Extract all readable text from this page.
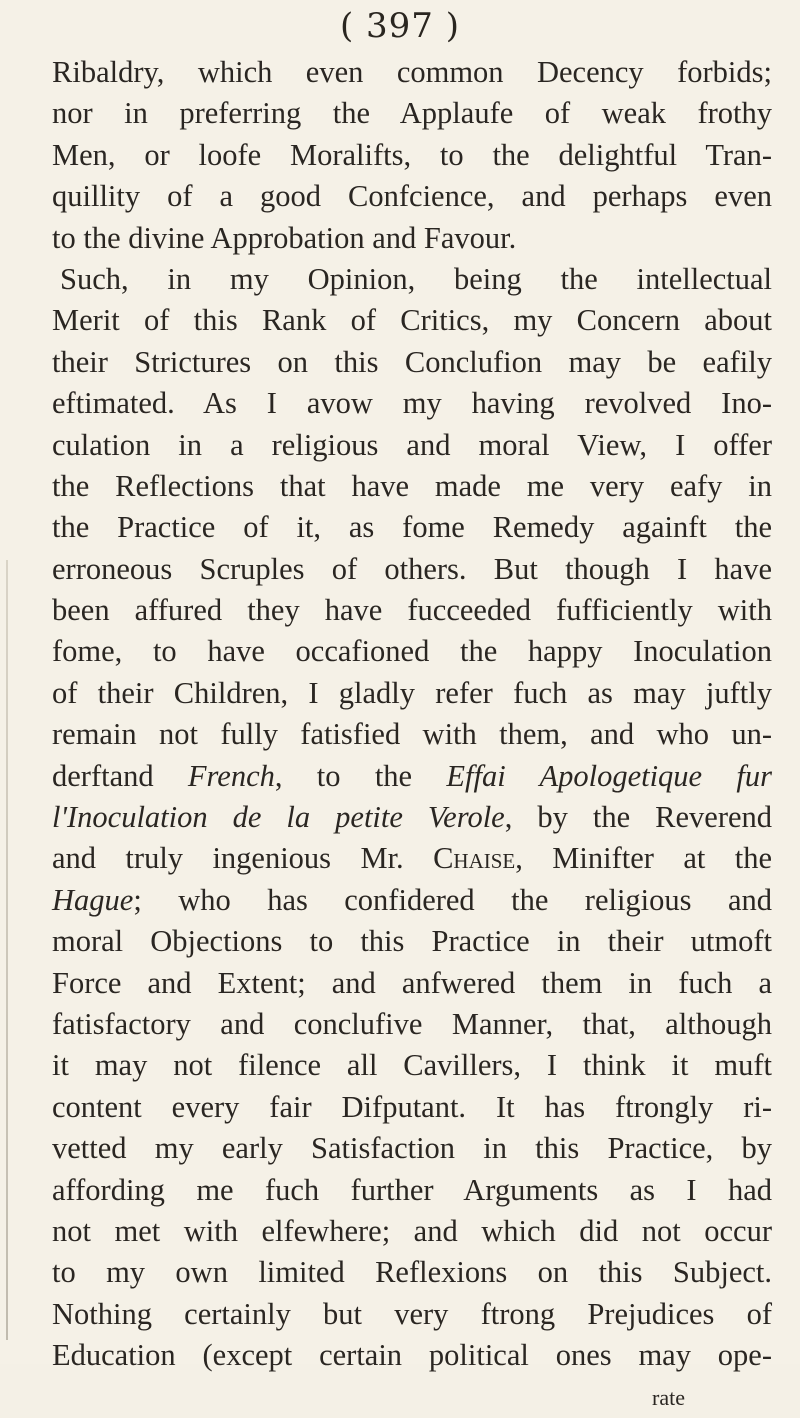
( 397 )
Ribaldry, which even common Decency forbids;
nor in preferring the Applaufe of weak frothy
Men, or loofe Moralifts, to the delightful Tran-
quillity of a good Confcience, and perhaps even
to the divine Approbation and Favour.
Such, in my Opinion, being the intellectual
Merit of this Rank of Critics, my Concern about
their Strictures on this Conclufion may be eafily
eftimated. As I avow my having revolved Ino-
culation in a religious and moral View, I offer
the Reflections that have made me very eafy in
the Practice of it, as fome Remedy againft the
erroneous Scruples of others. But though I have
been affured they have fucceeded fufficiently with
fome, to have occafioned the happy Inoculation
of their Children, I gladly refer fuch as may juftly
remain not fully fatisfied with them, and who un-
derftand French, to the Effai Apologetique fur
l'Inoculation de la petite Verole, by the Reverend
and truly ingenious Mr. Chaise, Minifter at the
Hague; who has confidered the religious and
moral Objections to this Practice in their utmoft
Force and Extent; and anfwered them in fuch a
fatisfactory and conclufive Manner, that, although
it may not filence all Cavillers, I think it muft
content every fair Difputant. It has ftrongly ri-
vetted my early Satisfaction in this Practice, by
affording me fuch further Arguments as I had
not met with elfewhere; and which did not occur
to my own limited Reflexions on this Subject.
Nothing certainly but very ftrong Prejudices of
Education (except certain political ones may ope-
rate
